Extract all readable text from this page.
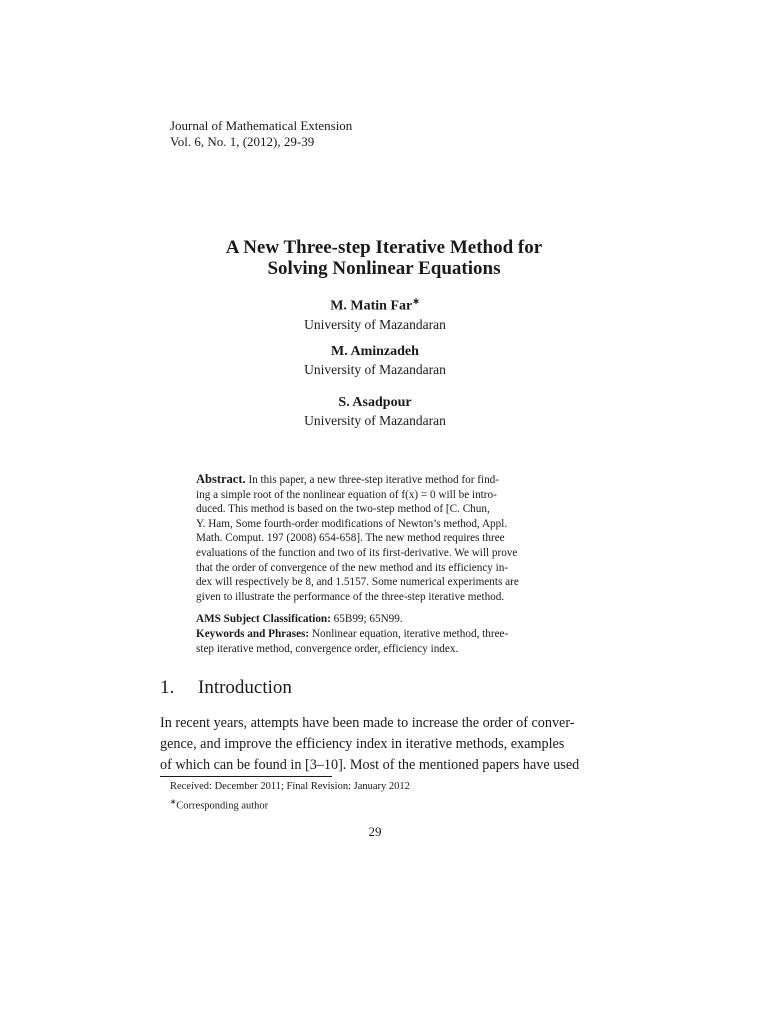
Journal of Mathematical Extension
Vol. 6, No. 1, (2012), 29-39
A New Three-step Iterative Method for
Solving Nonlinear Equations
M. Matin Far∗
University of Mazandaran
M. Aminzadeh
University of Mazandaran
S. Asadpour
University of Mazandaran
Abstract. In this paper, a new three-step iterative method for find-
ing a simple root of the nonlinear equation of f(x) = 0 will be intro-
duced. This method is based on the two-step method of [C. Chun,
Y. Ham, Some fourth-order modifications of Newton’s method, Appl.
Math. Comput. 197 (2008) 654-658]. The new method requires three
evaluations of the function and two of its first-derivative. We will prove
that the order of convergence of the new method and its efficiency in-
dex will respectively be 8, and 1.5157. Some numerical experiments are
given to illustrate the performance of the three-step iterative method.
AMS Subject Classification: 65B99; 65N99.
Keywords and Phrases: Nonlinear equation, iterative method, three-
step iterative method, convergence order, efficiency index.
1. Introduction
In recent years, attempts have been made to increase the order of conver-
gence, and improve the efficiency index in iterative methods, examples
of which can be found in [3–10]. Most of the mentioned papers have used
Received: December 2011; Final Revision: January 2012
∗Corresponding author
29
